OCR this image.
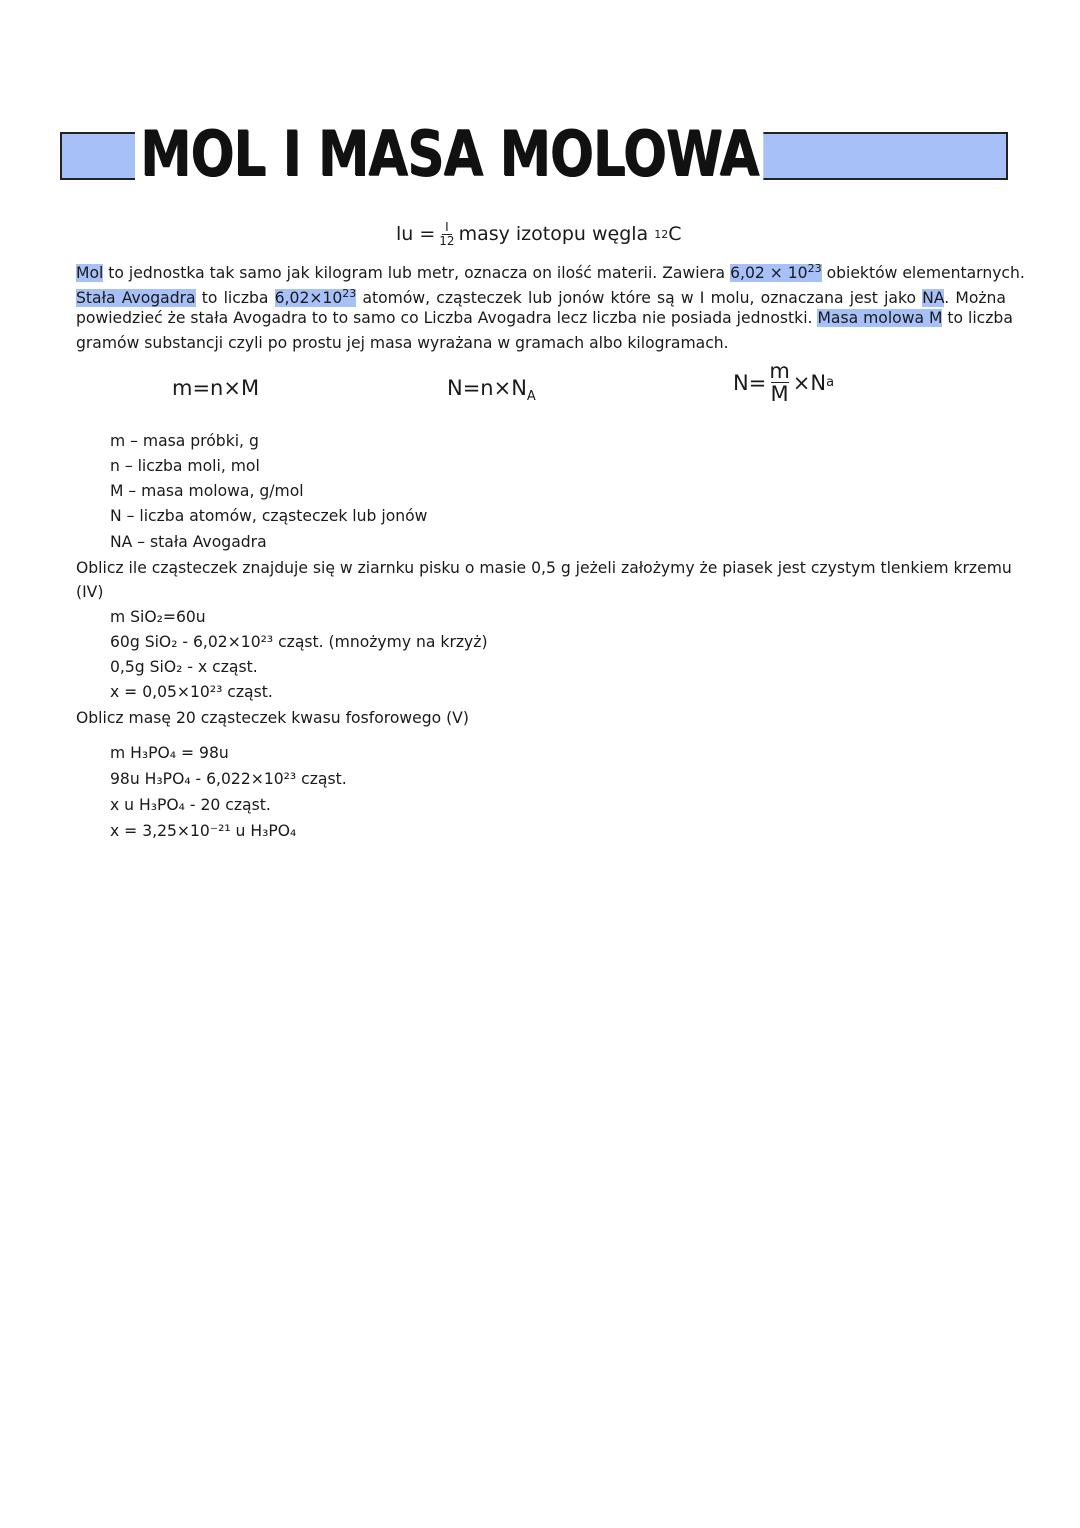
MOL I MASA MOLOWA
lu = $\frac{I}{12}$ masy izotopu węgla
12 C

Mol to jednostka tak samo jak kilogram lub metr, oznacza on ilość materii. Zawiera $6,02 \times 10^{23}$ obiektów elementarnych.

Stała Avogadra to liczba $6,02\times 10^{23}$ atomów, cząsteczek lub jonów które są w I molu, oznaczana jest jako NA. Można

powiedzieć że stała Avogadra to to samo co Liczba Avogadra lecz liczba nie posiada jednostki. Masa molowa M to liczba

gramów substancji czyli po prostu jej masa wyrażana w gramach albo kilogramach.

m=n×M	$N=n\times N_A$
$N= \frac{m}{M} \times N$ a

m – masa próbki, g

n – liczba moli, mol

M – masa molowa, g/mol

N – liczba atomów, cząsteczek lub jonów

NA – stała Avogadra

Oblicz ile cząsteczek znajduje się w ziarnku pisku o masie 0,5 g jeżeli założymy że piasek jest czystym tlenkiem krzemu

(IV)

m SiO₂=60u

60g SiO₂ - 6,02×10²³ cząst. (mnożymy na krzyż)

0,5g SiO₂ - x cząst.

x = 0,05×10²³ cząst.

Oblicz masę 20 cząsteczek kwasu fosforowego (V)

m H₃PO₄ = 98u

98u H₃PO₄ - 6,022×10²³ cząst.

x u H₃PO₄ - 20 cząst.

x = 3,25×10⁻²¹ u H₃PO₄
